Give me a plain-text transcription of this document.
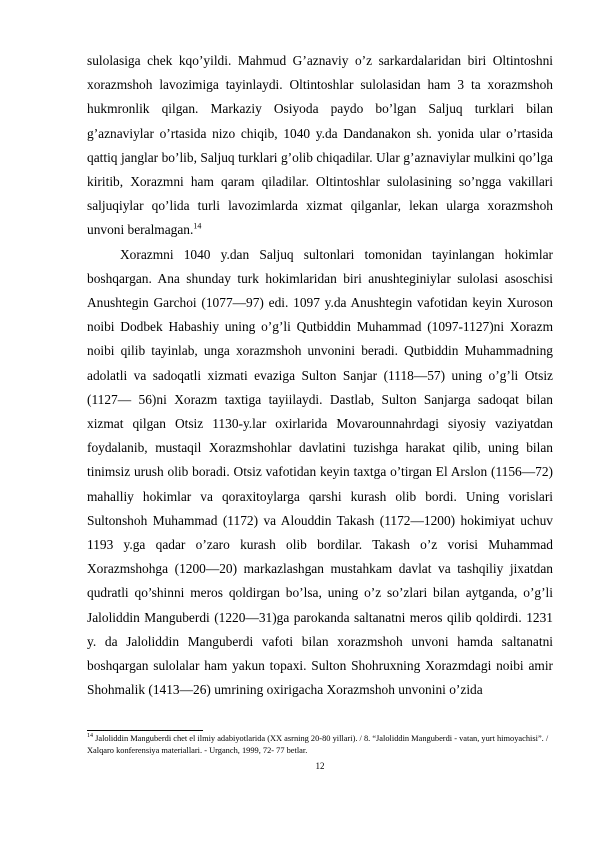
sulolasiga chek kqo’yildi. Mahmud G’aznaviy o’z sarkardalaridan biri Oltintoshni xorazmshoh lavozimiga tayinlaydi. Oltintoshlar sulolasidan ham 3 ta xorazmshoh hukmronlik qilgan. Markaziy Osiyoda paydo bo’lgan Saljuq turklari bilan g’aznaviylar o’rtasida nizo chiqib, 1040 y.da Dandanakon sh. yonida ular o’rtasida qattiq janglar bo’lib, Saljuq turklari g’olib chiqadilar. Ular g’aznaviylar mulkini qo’lga kiritib, Xorazmni ham qaram qiladilar. Oltintoshlar sulolasining so’ngga vakillari saljuqiylar qo’lida turli lavozimlarda xizmat qilganlar, lekan ularga xorazmshoh unvoni beralmagan.$^{14}$

Xorazmni 1040 y.dan Saljuq sultonlari tomonidan tayinlangan hokimlar boshqargan. Ana shunday turk hokimlaridan biri anushteginiylar sulolasi asoschisi Anushtegin Garchoi (1077—97) edi. 1097 y.da Anushtegin vafotidan keyin Xuroson noibi Dodbek Habashiy uning o’g’li Qutbiddin Muhammad (1097-1127)ni Xorazm noibi qilib tayinlab, unga xorazmshoh unvonini beradi. Qutbiddin Muhammadning adolatli va sadoqatli xizmati evaziga Sulton Sanjar (1118—57) uning o’g’li Otsiz (1127— 56)ni Xorazm taxtiga tayiilaydi. Dastlab, Sulton Sanjarga sadoqat bilan xizmat qilgan Otsiz 1130-y.lar oxirlarida Movarounnahrdagi siyosiy vaziyatdan foydalanib, mustaqil Xorazmshohlar davlatini tuzishga harakat qilib, uning bilan tinimsiz urush olib boradi. Otsiz vafotidan keyin taxtga o’tirgan El Arslon (1156—72) mahalliy hokimlar va qoraxitoylarga qarshi kurash olib bordi. Uning vorislari Sultonshoh Muhammad (1172) va Alouddin Takash (1172—1200) hokimiyat uchuv 1193 y.ga qadar o’zaro kurash olib bordilar. Takash o’z vorisi Muhammad Xorazmshohga (1200—20) markazlashgan mustahkam davlat va tashqiliy jixatdan qudratli qo’shinni meros qoldirgan bo’lsa, uning o’z so’zlari bilan aytganda, o’g’li Jaloliddin Manguberdi (1220—31)ga parokanda saltanatni meros qilib qoldirdi. 1231 y. da Jaloliddin Manguberdi vafoti bilan xorazmshoh unvoni hamda saltanatni boshqargan sulolalar ham yakun topaxi. Sulton Shohruxning Xorazmdagi noibi amir Shohmalik (1413—26) umrining oxirigacha Xorazmshoh unvonini o’zida

$^{14}$ Jaloliddin Manguberdi chet el ilmiy adabiyotlarida (XX asrning 20-80 yillari). / 8. “Jaloliddin Manguberdi - vatan, yurt himoyachisi”. / Xalqaro konferensiya materiallari. - Urganch, 1999, 72- 77 betlar.
12
